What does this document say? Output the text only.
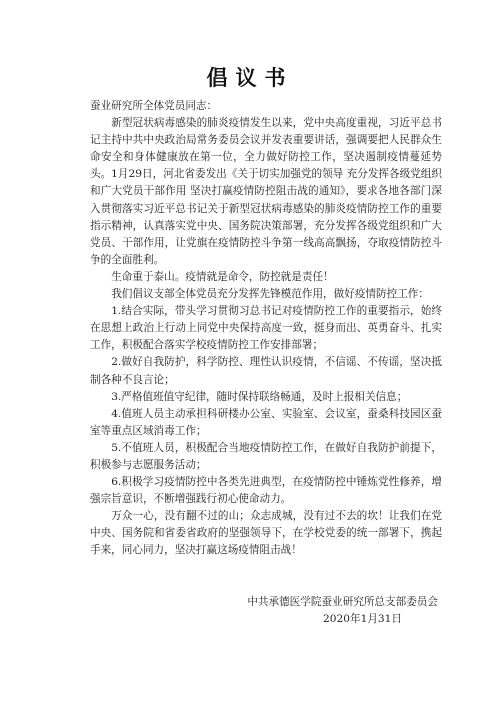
倡议书

蚕业研究所全体党员同志：

新型冠状病毒感染的肺炎疫情发生以来，党中央高度重视，习近平总书记主持中共中央政治局常务委员会议并发表重要讲话，强调要把人民群众生命安全和身体健康放在第一位，全力做好防控工作，坚决遏制疫情蔓延势头。1月29日，河北省委发出《关于切实加强党的领导 充分发挥各级党组织和广大党员干部作用 坚决打赢疫情防控阻击战的通知》，要求各地各部门深入贯彻落实习近平总书记关于新型冠状病毒感染的肺炎疫情防控工作的重要指示精神，认真落实党中央、国务院决策部署，充分发挥各级党组织和广大党员、干部作用，让党旗在疫情防控斗争第一线高高飘扬，夺取疫情防控斗争的全面胜利。

生命重于泰山。疫情就是命令，防控就是责任！

我们倡议支部全体党员充分发挥先锋模范作用，做好疫情防控工作：

1.结合实际，带头学习贯彻习总书记对疫情防控工作的重要指示，始终在思想上政治上行动上同党中央保持高度一致，挺身而出、英勇奋斗、扎实工作，积极配合落实学校疫情防控工作安排部署；

2.做好自我防护，科学防控、理性认识疫情，不信谣、不传谣，坚决抵制各种不良言论；

3.严格值班值守纪律，随时保持联络畅通，及时上报相关信息；

4.值班人员主动承担科研楼办公室、实验室、会议室，蚕桑科技园区蚕室等重点区域消毒工作；

5.不值班人员，积极配合当地疫情防控工作，在做好自我防护前提下，积极参与志愿服务活动；

6.积极学习疫情防控中各类先进典型，在疫情防控中锤炼党性修养，增强宗旨意识，不断增强践行初心使命动力。

万众一心，没有翻不过的山；众志成城，没有过不去的坎！让我们在党中央、国务院和省委省政府的坚强领导下，在学校党委的统一部署下，携起手来，同心同力，坚决打赢这场疫情阻击战！

中共承德医学院蚕业研究所总支部委员会
2020年1月31日
